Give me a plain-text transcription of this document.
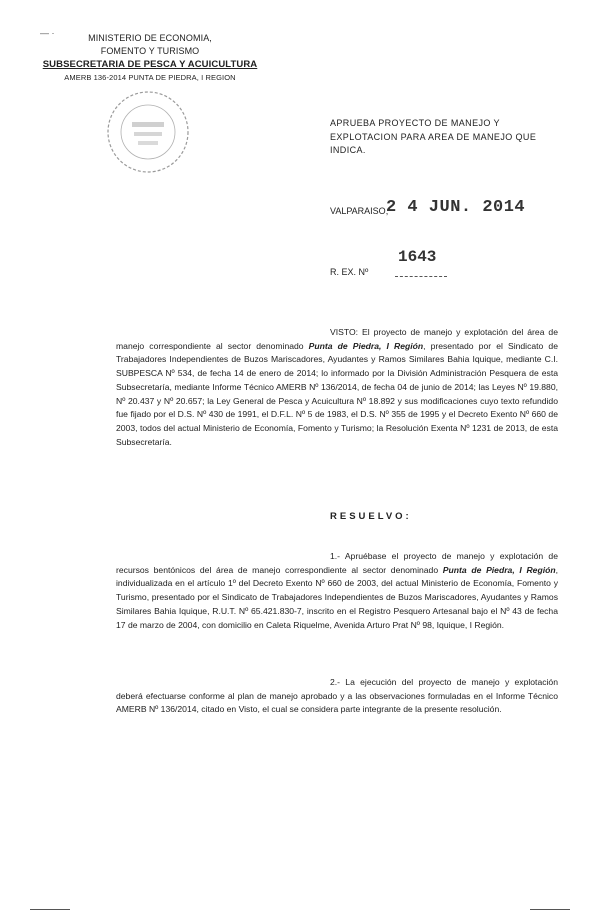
— ·	MINISTERIO DE ECONOMIA,
FOMENTO Y TURISMO
SUBSECRETARIA DE PESCA Y ACUICULTURA
AMERB 136-2014 PUNTA DE PIEDRA, I REGION
APRUEBA PROYECTO DE MANEJO Y
EXPLOTACION PARA AREA DE MANEJO QUE
INDICA.
VALPARAISO,
2 4 JUN. 2014
R. EX. Nº
1643

VISTO: El proyecto de manejo y explotación del área de manejo correspondiente al sector denominado Punta de Piedra, I Región, presentado por el Sindicato de Trabajadores Independientes de Buzos Mariscadores, Ayudantes y Ramos Similares Bahia Iquique, mediante C.I. SUBPESCA Nº 534, de fecha 14 de enero de 2014; lo informado por la División Administración Pesquera de esta Subsecretaría, mediante Informe Técnico AMERB Nº 136/2014, de fecha 04 de junio de 2014; las Leyes Nº 19.880, Nº 20.437 y Nº 20.657; la Ley General de Pesca y Acuicultura Nº 18.892 y sus modificaciones cuyo texto refundido fue fijado por el D.S. Nº 430 de 1991, el D.F.L. Nº 5 de 1983, el D.S. Nº 355 de 1995 y el Decreto Exento Nº 660 de 2003, todos del actual Ministerio de Economía, Fomento y Turismo; la Resolución Exenta Nº 1231 de 2013, de esta Subsecretaría.

RESUELVO:

1.- Apruébase el proyecto de manejo y explotación de recursos bentónicos del área de manejo correspondiente al sector denominado Punta de Piedra, I Región, individualizada en el artículo 1º del Decreto Exento Nº 660 de 2003, del actual Ministerio de Economía, Fomento y Turismo, presentado por el Sindicato de Trabajadores Independientes de Buzos Mariscadores, Ayudantes y Ramos Similares Bahia Iquique, R.U.T. Nº 65.421.830-7, inscrito en el Registro Pesquero Artesanal bajo el Nº 43 de fecha 17 de marzo de 2004, con domicilio en Caleta Riquelme, Avenida Arturo Prat Nº 98, Iquique, I Región.

2.- La ejecución del proyecto de manejo y explotación deberá efectuarse conforme al plan de manejo aprobado y a las observaciones formuladas en el Informe Técnico AMERB Nº 136/2014, citado en Visto, el cual se considera parte integrante de la presente resolución.
